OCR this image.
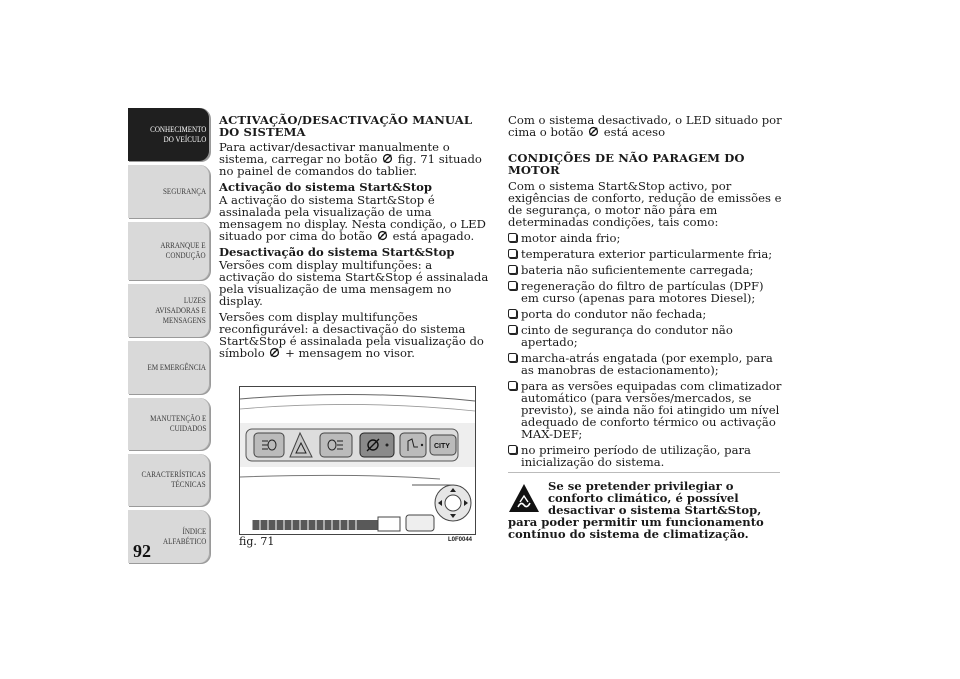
CONHECIMENTO
DO VEÍCULO
SEGURANÇA
ARRANQUE E
CONDUÇÃO
LUZES
AVISADORAS E
MENSAGENS
EM EMERGÊNCIA
MANUTENÇÃO E
CUIDADOS
CARACTERÍSTICAS
TÉCNICAS
ÍNDICE
ALFABÉTICO
92
ACTIVAÇÃO/DESACTIVAÇÃO MANUAL DO SISTEMA

Para activar/desactivar manualmente o sistema, carregar no botão fig. 71 situado no painel de comandos do tablier.

Activação do sistema Start&Stop

A activação do sistema Start&Stop é assinalada pela visualização de uma mensagem no display. Nesta condição, o LED situado por cima do botão está apagado.

Desactivação do sistema Start&Stop

Versões com display multifunções: a activação do sistema Start&Stop é assinalada pela visualização de uma mensagem no display.

Versões com display multifunções reconfigurável: a desactivação do sistema Start&Stop é assinalada pela visualização do símbolo + mensagem no visor.

CITY
fig. 71	L0F0044

Com o sistema desactivado, o LED situado por cima o botão está aceso

CONDIÇÕES DE NÃO PARAGEM DO MOTOR

Com o sistema Start&Stop activo, por exigências de conforto, redução de emissões e de segurança, o motor não pára em determinadas condições, tais como:

motor ainda frio;
temperatura exterior particularmente fria;
bateria não suficientemente carregada;
regeneração do filtro de partículas (DPF) em curso (apenas para motores Diesel);
porta do condutor não fechada;
cinto de segurança do condutor não apertado;
marcha-atrás engatada (por exemplo, para as manobras de estacionamento);
para as versões equipadas com climatizador automático (para versões/mercados, se previsto), se ainda não foi atingido um nível adequado de conforto térmico ou activação MAX-DEF;
no primeiro período de utilização, para inicialização do sistema.
Se se pretender privilegiar o conforto climático, é possível desactivar o sistema Start&Stop, para poder permitir um funcionamento contínuo do sistema de climatização.
